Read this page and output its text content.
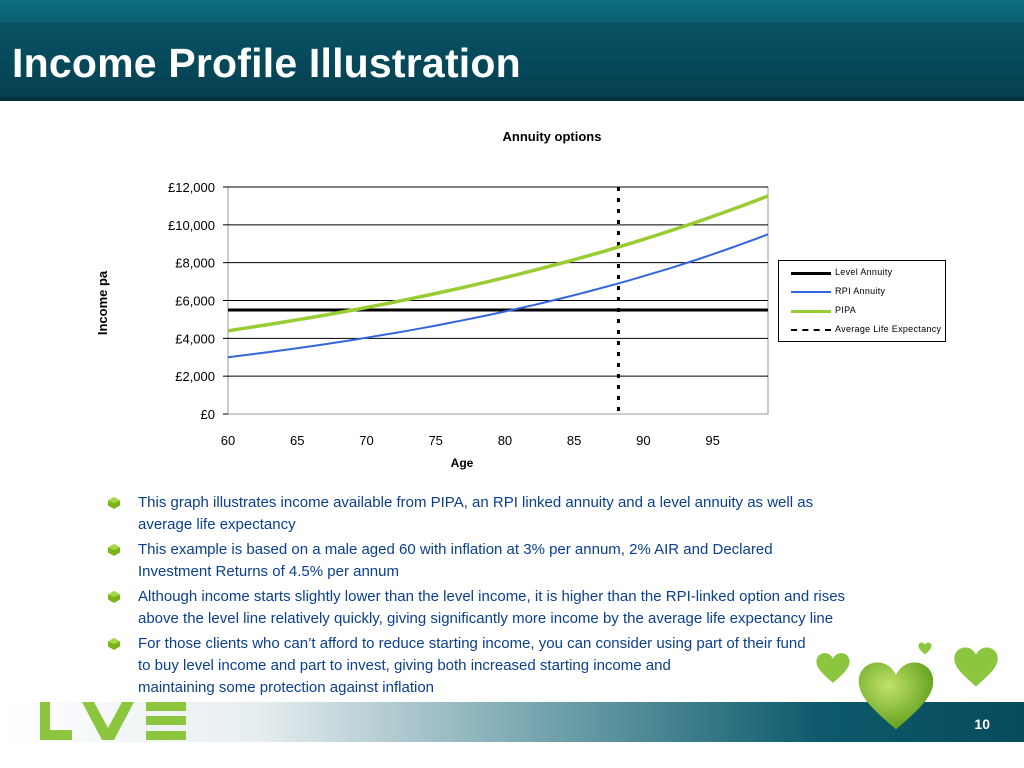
Income Profile Illustration
£0
£2,000
£4,000
£6,000
£8,000
£10,000
£12,000
60	65	70	75	80	85	90	95
Annuity options
Age
Income pa	Level Annuity
RPI Annuity
PIPA
Average Life Expectancy
This graph illustrates income available from PIPA, an RPI linked annuity and a level annuity as well as
average life expectancy
This example is based on a male aged 60 with inflation at 3% per annum, 2% AIR and Declared
Investment Returns of 4.5% per annum
Although income starts slightly lower than the level income, it is higher than the RPI-linked option and rises
above the level line relatively quickly, giving significantly more income by the average life expectancy line
For those clients who can’t afford to reduce starting income, you can consider using part of their fund
to buy level income and part to invest, giving both increased starting income and
maintaining some protection against inflation
10
